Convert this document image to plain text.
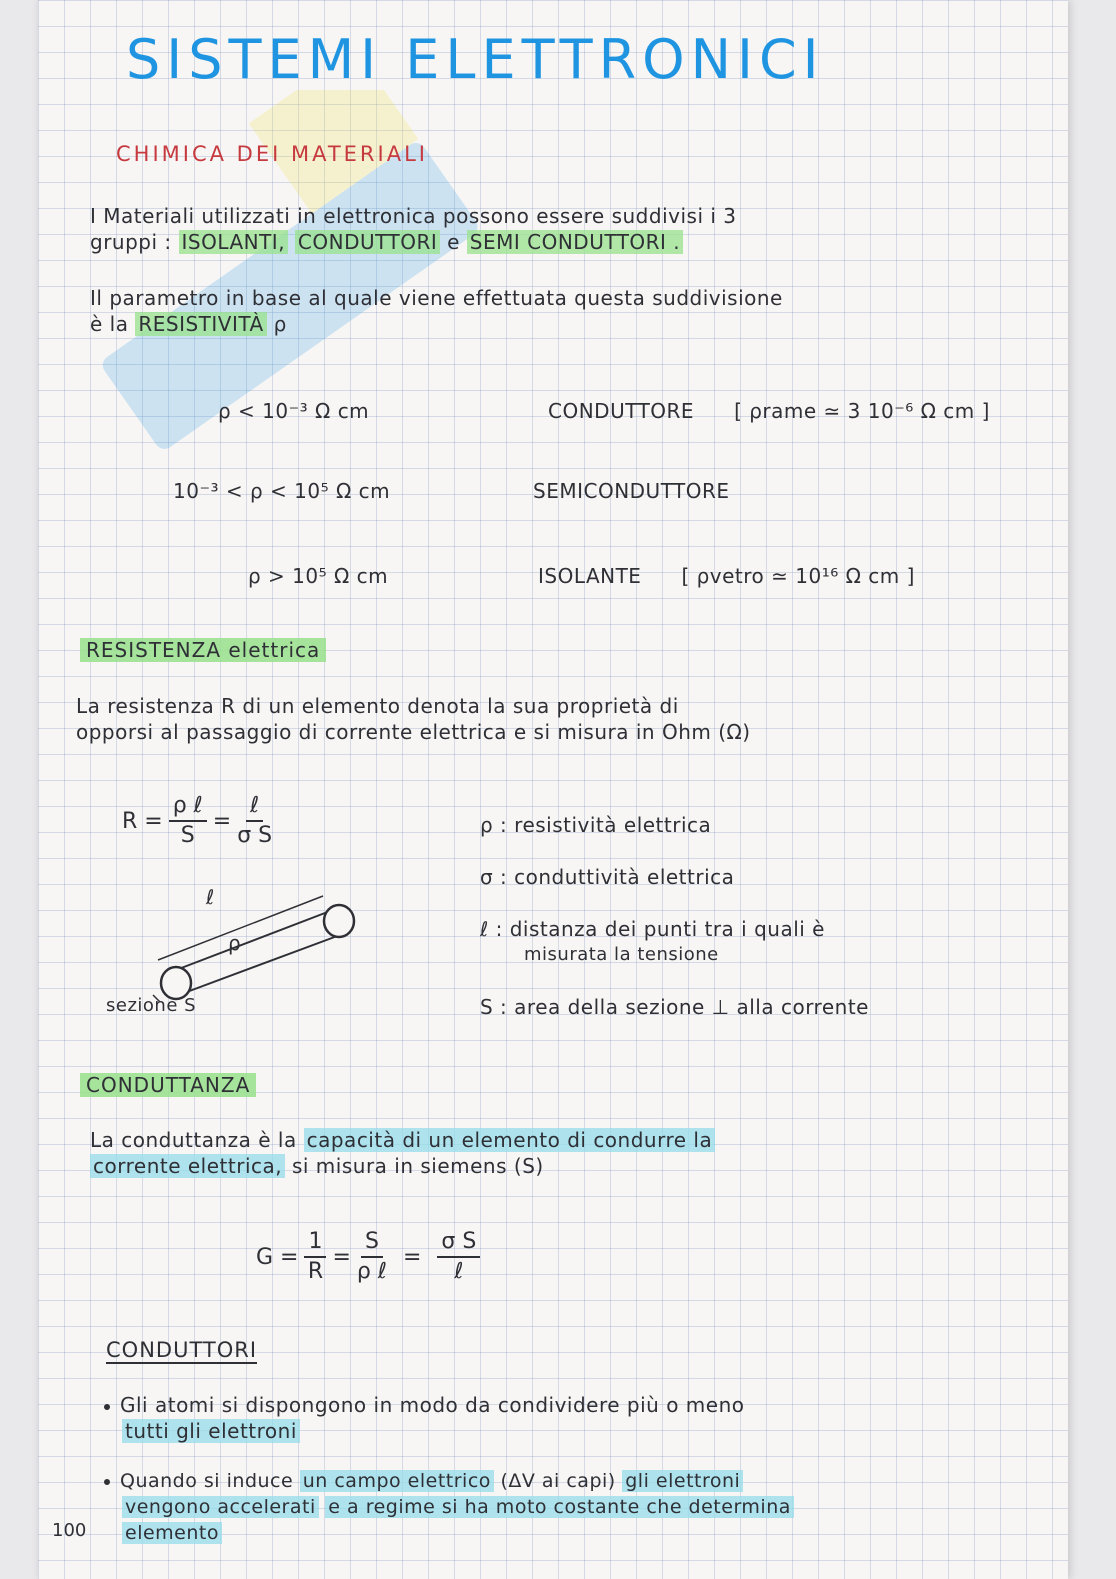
SISTEMI ELETTRONICI
CHIMICA DEI MATERIALI
I Materiali utilizzati in elettronica possono essere suddivisi i 3
gruppi : ISOLANTI, CONDUTTORI e SEMI CONDUTTORI .
Il parametro in base al quale viene effettuata questa suddivisione
è la RESISTIVITÀ ρ
ρ < 10⁻³ Ω cm	CONDUTTORE [ ρrame ≃ 3 10⁻⁶ Ω cm ]
10⁻³ < ρ < 10⁵ Ω cm	SEMICONDUTTORE
ρ > 10⁵ Ω cm	ISOLANTE [ ρvetro ≃ 10¹⁶ Ω cm ]
RESISTENZA elettrica
La resistenza R di un elemento denota la sua proprietà di
opporsi al passaggio di corrente elettrica e si misura in Ohm (Ω)
$R = \frac{\text{ρ ℓ}}{S} = \frac{\text{ℓ}}{\text{σ S}}$
ℓ
ρ
sezione S
ρ : resistività elettrica
σ : conduttività elettrica
ℓ : distanza dei punti tra i quali è
misurata la tensione
S : area della sezione ⊥ alla corrente
CONDUTTANZA
La conduttanza è la capacità di un elemento di condurre la
corrente elettrica, si misura in siemens (S)
$G = \frac{1}{R} = \frac{S}{\text{ρ ℓ}} = \frac{\text{σ S}}{\text{ℓ}}$
CONDUTTORI
Gli atomi si dispongono in modo da condividere più o meno
tutti gli elettroni
Quando si induce un campo elettrico (ΔV ai capi) gli elettroni
vengono accelerati e a regime si ha moto costante che determina
elemento
100
